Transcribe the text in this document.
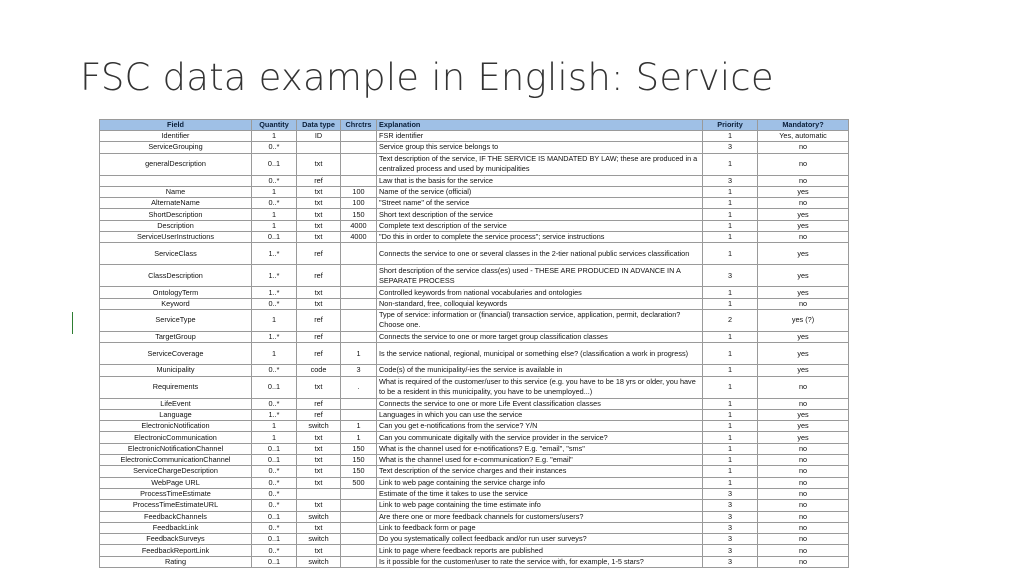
FSC data example in English: Service
Field	Quantity	Data type	Chrctrs	Explanation	Priority	Mandatory?
Identifier	1	ID		FSR identifier	1	Yes, automatic
ServiceGrouping	0..*			Service group this service belongs to	3	no
generalDescription	0..1	txt		Text description of the service, IF THE SERVICE IS MANDATED BY LAW; these are produced in a centralized process and used by municipalities	1	no
	0..*	ref		Law that is the basis for the service	3	no
Name	1	txt	100	Name of the service (official)	1	yes
AlternateName	0..*	txt	100	"Street name" of the service	1	no
ShortDescription	1	txt	150	Short text description of the service	1	yes
Description	1	txt	4000	Complete text description of the service	1	yes
ServiceUserInstructions	0..1	txt	4000	"Do this in order to complete the service process"; service instructions	1	no
ServiceClass	1..*	ref		Connects the service to one or several classes in the 2-tier national public services classification	1	yes
ClassDescription	1..*	ref		Short description of the service class(es) used - THESE ARE PRODUCED IN ADVANCE IN A SEPARATE PROCESS	3	yes
OntologyTerm	1..*	txt		Controlled keywords from national vocabularies and ontologies	1	yes
Keyword	0..*	txt		Non-standard, free, colloquial keywords	1	no
ServiceType	1	ref		Type of service: information or (financial) transaction service, application, permit, declaration? Choose one.	2	yes (?)
TargetGroup	1..*	ref		Connects the service to one or more target group classification classes	1	yes
ServiceCoverage	1	ref	1	Is the service national, regional, municipal or something else? (classification a work in progress)	1	yes
Municipality	0..*	code	3	Code(s) of the municipality/-ies the service is available in	1	yes
Requirements	0..1	txt	.	What is required of the customer/user to this service (e.g. you have to be 18 yrs or older, you have to be a resident in this municipality, you have to be unemployed...)	1	no
LifeEvent	0..*	ref		Connects the service to one or more Life Event classification classes	1	no
Language	1..*	ref		Languages in which you can use the service	1	yes
ElectronicNotification	1	switch	1	Can you get e-notifications from the service? Y/N	1	yes
ElectronicCommunication	1	txt	1	Can you communicate digitally with the service provider in the service?	1	yes
ElectronicNotificationChannel	0..1	txt	150	What is the channel used for e-notifications? E.g. "email", "sms"	1	no
ElectronicCommunicationChannel	0..1	txt	150	What is the channel used for e-communication? E.g. "email"	1	no
ServiceChargeDescription	0..*	txt	150	Text description of the service charges and their instances	1	no
WebPage URL	0..*	txt	500	Link to web page containing the service charge info	1	no
ProcessTimeEstimate	0..*			Estimate of the time it takes to use the service	3	no
ProcessTimeEstimateURL	0..*	txt		Link to web page containing the time estimate info	3	no
FeedbackChannels	0..1	switch		Are there one or more feedback channels for customers/users?	3	no
FeedbackLink	0..*	txt		Link to feedback form or page	3	no
FeedbackSurveys	0..1	switch		Do you systematically collect feedback and/or run user surveys?	3	no
FeedbackReportLink	0..*	txt		Link to page where feedback reports are published	3	no
Rating	0..1	switch		Is it possible for the customer/user to rate the service with, for example, 1-5 stars?	3	no
